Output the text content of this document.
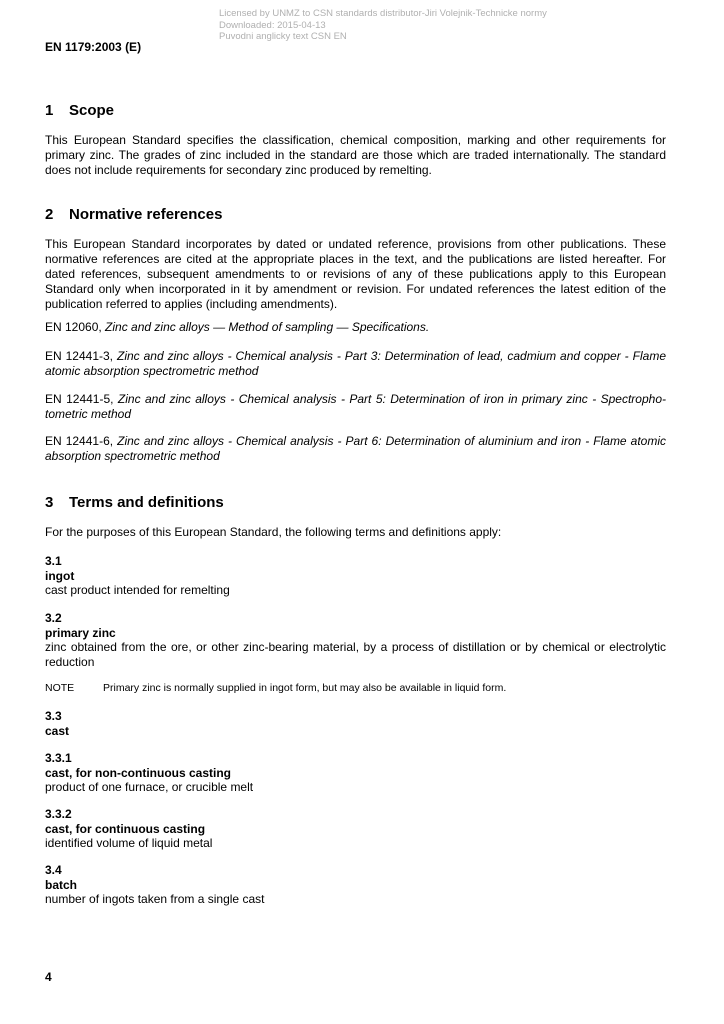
Licensed by UNMZ to CSN standards distributor-Jiri Volejnik-Technicke normy
Downloaded: 2015-04-13
Puvodni anglicky text CSN EN
EN 1179:2003 (E)
1 Scope

This European Standard specifies the classification, chemical composition, marking and other requirements for primary zinc. The grades of zinc included in the standard are those which are traded internationally. The standard does not include requirements for secondary zinc produced by remelting.

2 Normative references

This European Standard incorporates by dated or undated reference, provisions from other publications. These normative references are cited at the appropriate places in the text, and the publications are listed hereafter. For dated references, subsequent amendments to or revisions of any of these publications apply to this European Standard only when incorporated in it by amendment or revision. For undated references the latest edition of the publication referred to applies (including amendments).

EN 12060, Zinc and zinc alloys — Method of sampling — Specifications.

EN 12441-3, Zinc and zinc alloys - Chemical analysis - Part 3: Determination of lead, cadmium and copper - Flame atomic absorption spectrometric method

EN 12441-5, Zinc and zinc alloys - Chemical analysis - Part 5: Determination of iron in primary zinc - Spectropho-tometric method

EN 12441-6, Zinc and zinc alloys - Chemical analysis - Part 6: Determination of aluminium and iron - Flame atomic absorption spectrometric method

3 Terms and definitions

For the purposes of this European Standard, the following terms and definitions apply:

3.1
ingot
cast product intended for remelting
3.2
primary zinc
zinc obtained from the ore, or other zinc-bearing material, by a process of distillation or by chemical or electrolytic reduction
NOTE	Primary zinc is normally supplied in ingot form, but may also be available in liquid form.
3.3
cast
3.3.1
cast, for non-continuous casting
product of one furnace, or crucible melt
3.3.2
cast, for continuous casting
identified volume of liquid metal
3.4
batch
number of ingots taken from a single cast
4
